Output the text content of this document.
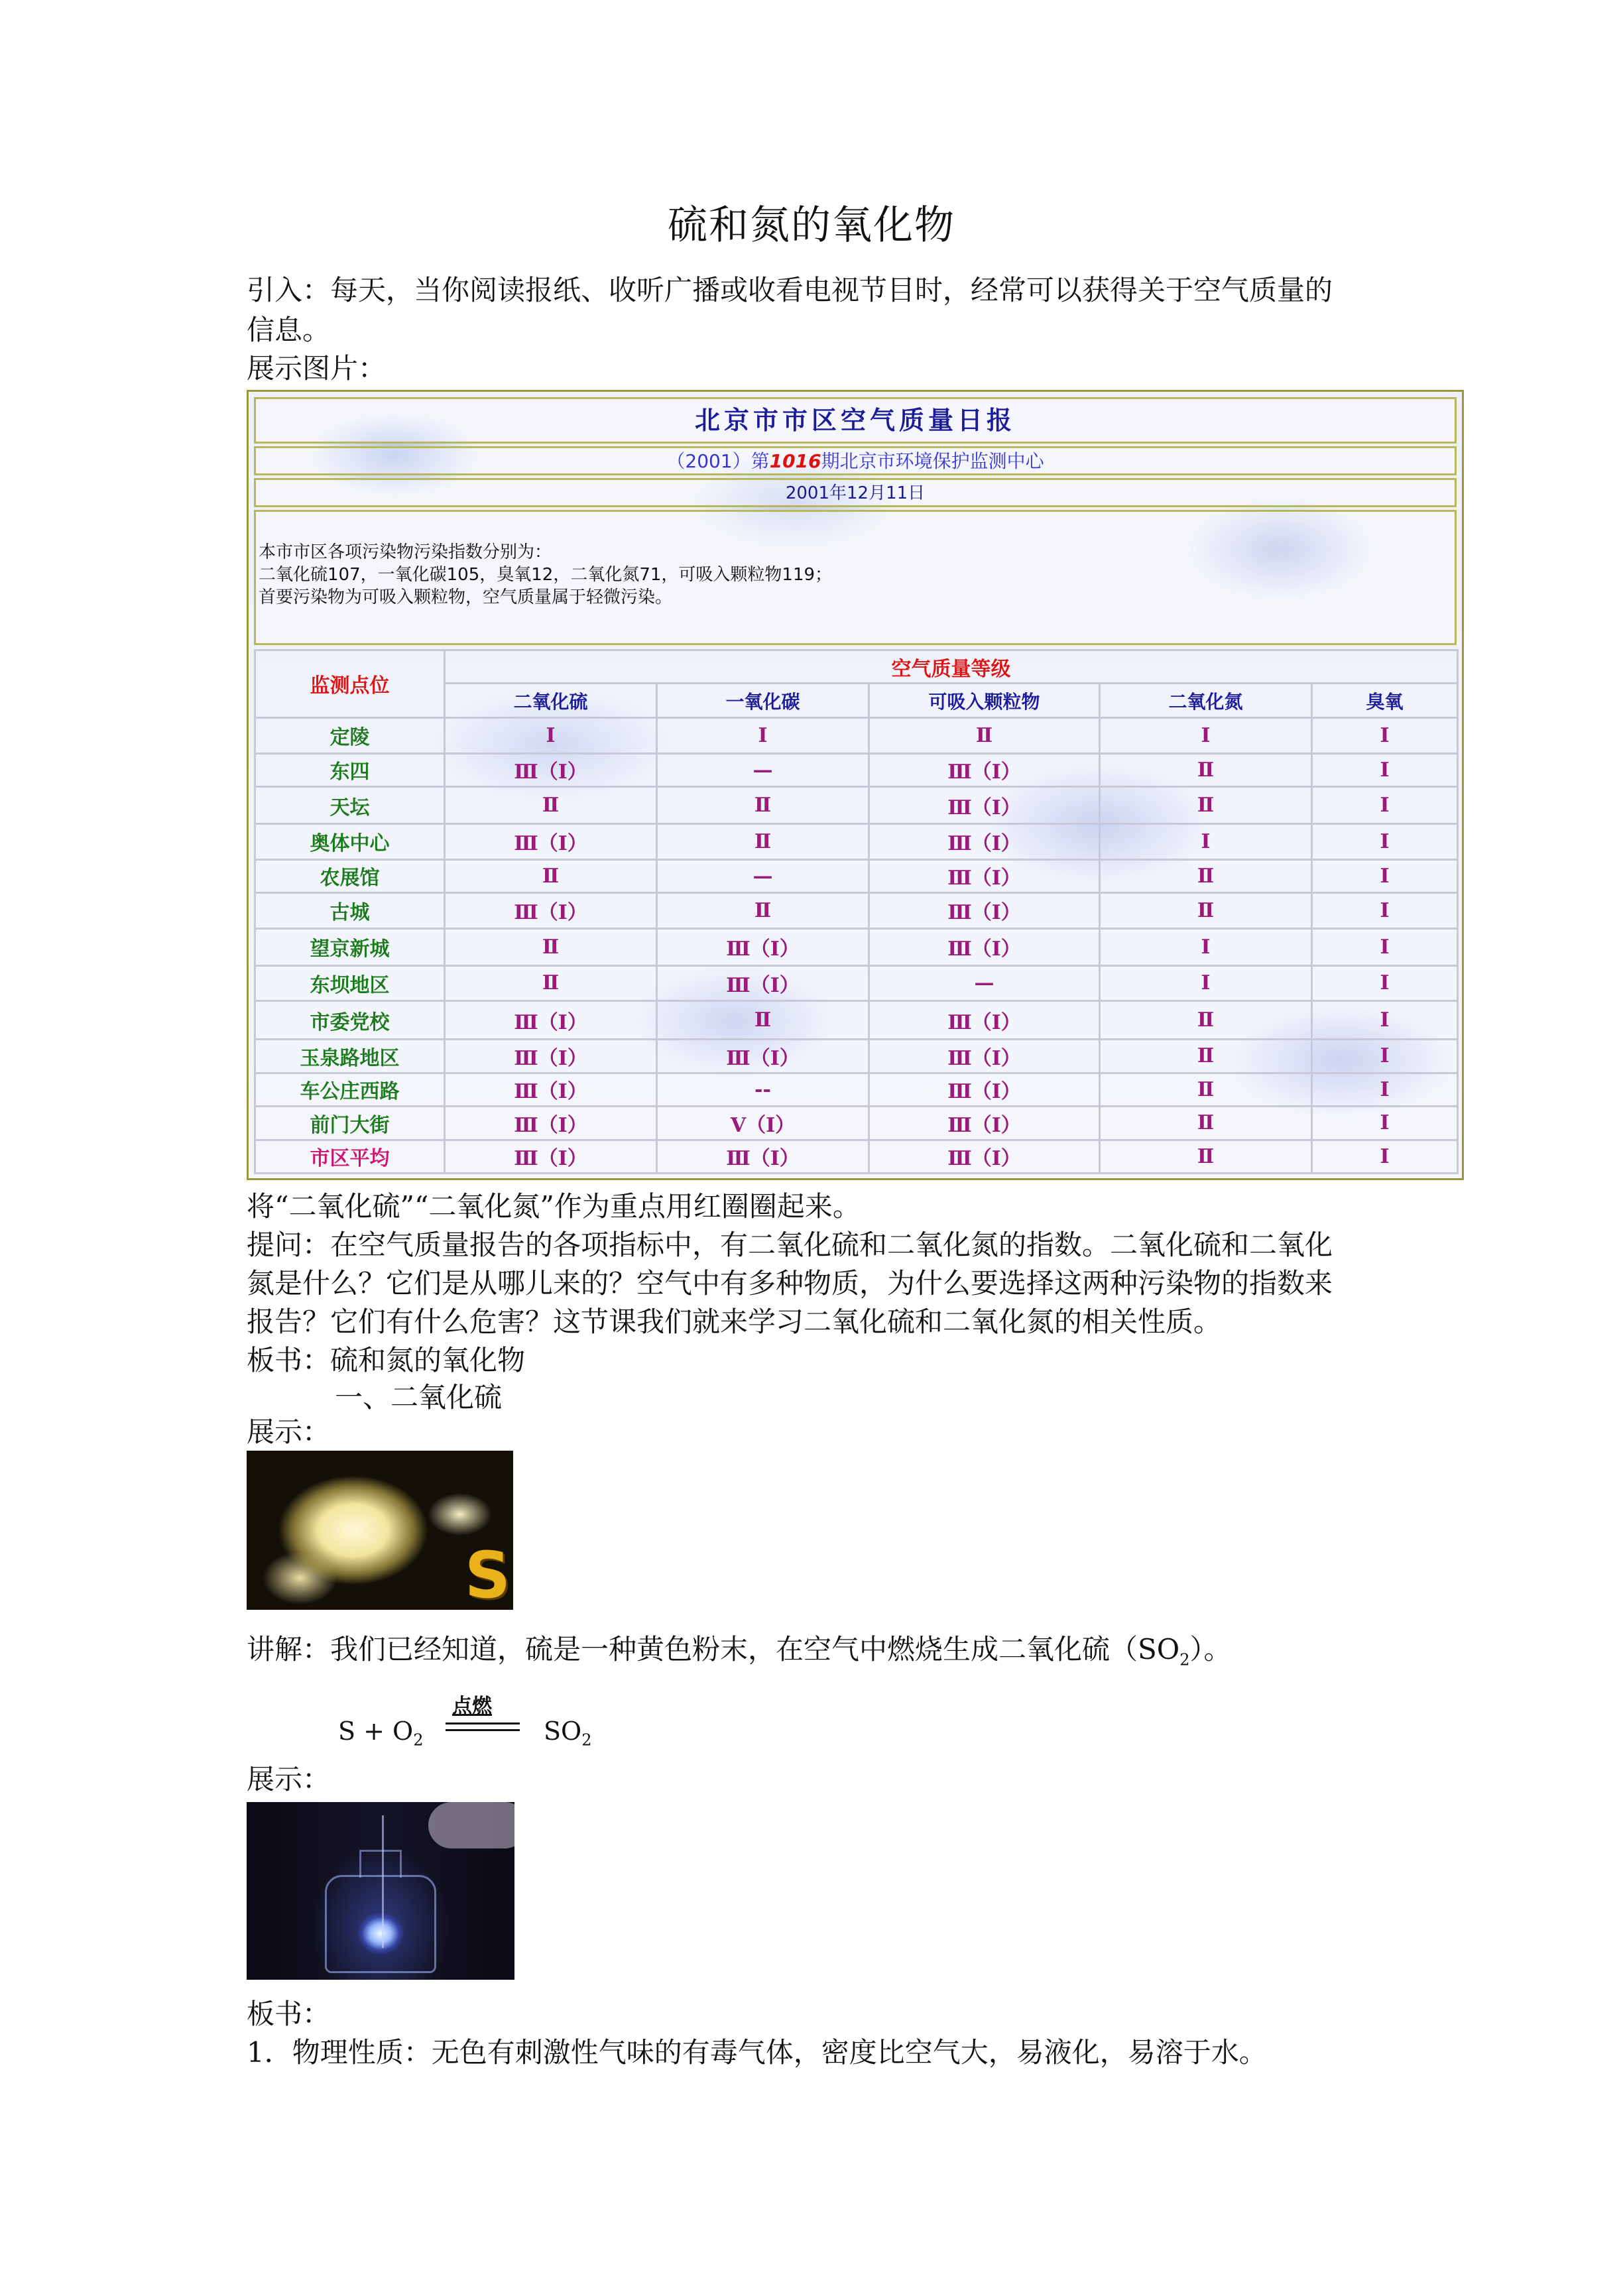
硫和氮的氧化物
引入：每天，当你阅读报纸、收听广播或收看电视节目时，经常可以获得关于空气质量的
信息。
展示图片：
北京市市区空气质量日报
（2001）第1016期北京市环境保护监测中心
2001年12月11日
本市市区各项污染物污染指数分别为：
二氧化硫107，一氧化碳105，臭氧12，二氧化氮71，可吸入颗粒物119；
首要污染物为可吸入颗粒物，空气质量属于轻微污染。
监测点位	空气质量等级				
	二氧化硫	一氧化碳	可吸入颗粒物	二氧化氮	臭氧
定陵	Ⅰ	Ⅰ	Ⅱ	Ⅰ	Ⅰ
东四	Ⅲ（Ⅰ）	—	Ⅲ（Ⅰ）	Ⅱ	Ⅰ
天坛	Ⅱ	Ⅱ	Ⅲ（Ⅰ）	Ⅱ	Ⅰ
奥体中心	Ⅲ（Ⅰ）	Ⅱ	Ⅲ（Ⅰ）	Ⅰ	Ⅰ
农展馆	Ⅱ	—	Ⅲ（Ⅰ）	Ⅱ	Ⅰ
古城	Ⅲ（Ⅰ）	Ⅱ	Ⅲ（Ⅰ）	Ⅱ	Ⅰ
望京新城	Ⅱ	Ⅲ（Ⅰ）	Ⅲ（Ⅰ）	Ⅰ	Ⅰ
东坝地区	Ⅱ	Ⅲ（Ⅰ）	—	Ⅰ	Ⅰ
市委党校	Ⅲ（Ⅰ）	Ⅱ	Ⅲ（Ⅰ）	Ⅱ	Ⅰ
玉泉路地区	Ⅲ（Ⅰ）	Ⅲ（Ⅰ）	Ⅲ（Ⅰ）	Ⅱ	Ⅰ
车公庄西路	Ⅲ（Ⅰ）	--	Ⅲ（Ⅰ）	Ⅱ	Ⅰ
前门大街	Ⅲ（Ⅰ）	Ⅴ（Ⅰ）	Ⅲ（Ⅰ）	Ⅱ	Ⅰ
市区平均	Ⅲ（Ⅰ）	Ⅲ（Ⅰ）	Ⅲ（Ⅰ）	Ⅱ	Ⅰ
将“二氧化硫”“二氧化氮”作为重点用红圈圈起来。
提问：在空气质量报告的各项指标中，有二氧化硫和二氧化氮的指数。二氧化硫和二氧化
氮是什么？它们是从哪儿来的？空气中有多种物质，为什么要选择这两种污染物的指数来
报告？它们有什么危害？这节课我们就来学习二氧化硫和二氧化氮的相关性质。
板书：硫和氮的氧化物
一、二氧化硫
展示：
S
讲解：我们已经知道，硫是一种黄色粉末，在空气中燃烧生成二氧化硫$(SO_2)$。
点燃
$S + O_2$	$SO_2$
展示：
板书：
1．物理性质：无色有刺激性气味的有毒气体，密度比空气大，易液化，易溶于水。
